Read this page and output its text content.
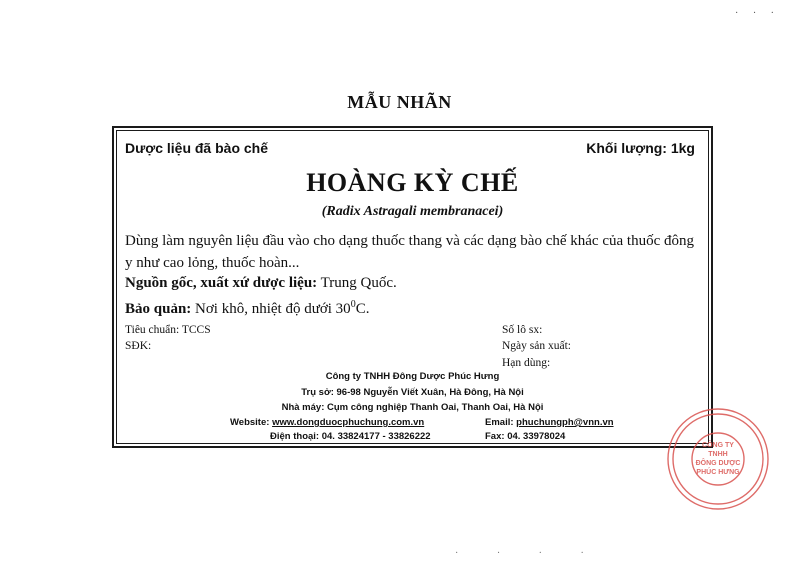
· · ·
MẪU NHÃN
Dược liệu đã bào chế	Khối lượng: 1kg
HOÀNG KỲ CHẾ
(Radix Astragali membranacei)
Dùng làm nguyên liệu đầu vào cho dạng thuốc thang và các dạng bào chế khác của thuốc đông y như cao lỏng, thuốc hoàn...
Nguồn gốc, xuất xứ dược liệu: Trung Quốc.
Bảo quản: Nơi khô, nhiệt độ dưới $30^0C$.
Tiêu chuẩn: TCCS
SĐK:
Số lô sx:
Ngày sản xuất:
Hạn dùng:
Công ty TNHH Đông Dược Phúc Hưng
Trụ sở: 96-98 Nguyễn Viết Xuân, Hà Đông, Hà Nội
Nhà máy: Cụm công nghiệp Thanh Oai, Thanh Oai, Hà Nội
Website: www.dongduocphuchung.com.vn	Email: phuchungph@vnn.vn
Điện thoại: 04. 33824177 - 33826222	Fax: 04. 33978024
CÔNG TY
TNHH
ĐÔNG DƯỢC
PHÚC HƯNG
· · · ·
